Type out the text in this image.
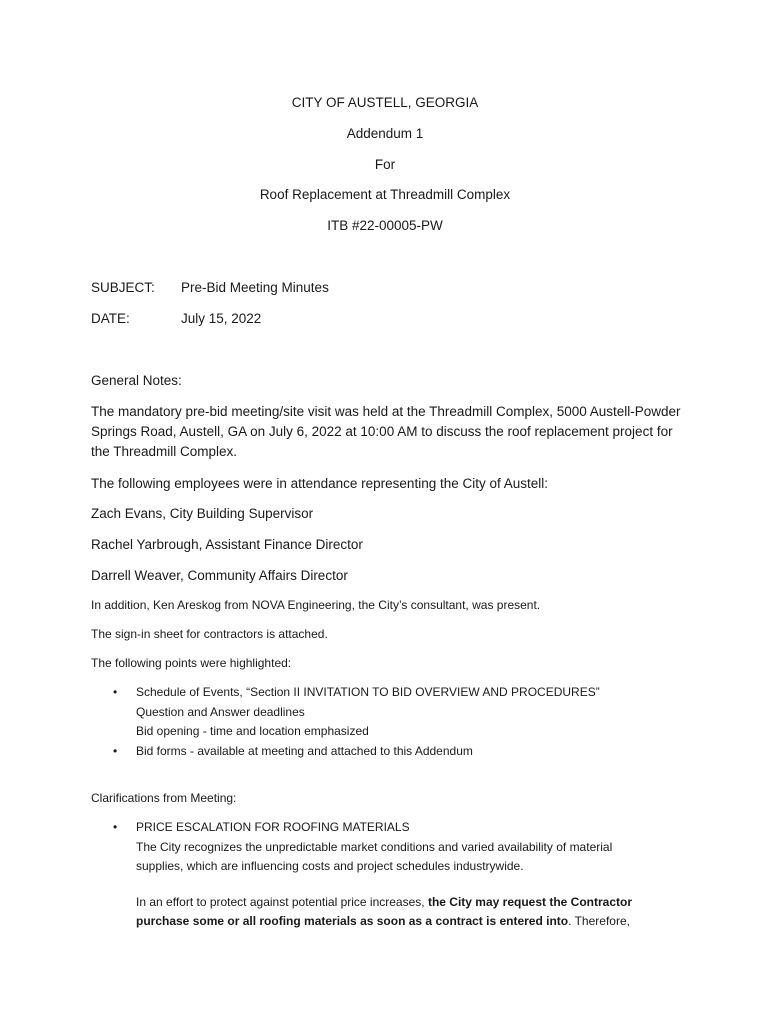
CITY OF AUSTELL, GEORGIA
Addendum 1
For
Roof Replacement at Threadmill Complex
ITB #22-00005-PW
SUBJECT: Pre-Bid Meeting Minutes
DATE:	July 15, 2022
General Notes:
The mandatory pre-bid meeting/site visit was held at the Threadmill Complex, 5000 Austell-Powder Springs Road, Austell, GA on July 6, 2022 at 10:00 AM to discuss the roof replacement project for the Threadmill Complex.
The following employees were in attendance representing the City of Austell:
Zach Evans, City Building Supervisor
Rachel Yarbrough, Assistant Finance Director
Darrell Weaver, Community Affairs Director
In addition, Ken Areskog from NOVA Engineering, the City’s consultant, was present.
The sign-in sheet for contractors is attached.
The following points were highlighted:
• Schedule of Events, “Section II INVITATION TO BID OVERVIEW AND PROCEDURES”
Question and Answer deadlines
Bid opening - time and location emphasized
• Bid forms - available at meeting and attached to this Addendum
Clarifications from Meeting:
• PRICE ESCALATION FOR ROOFING MATERIALS
The City recognizes the unpredictable market conditions and varied availability of material
supplies, which are influencing costs and project schedules industrywide.
In an effort to protect against potential price increases, the City may request the Contractor
purchase some or all roofing materials as soon as a contract is entered into. Therefore,
